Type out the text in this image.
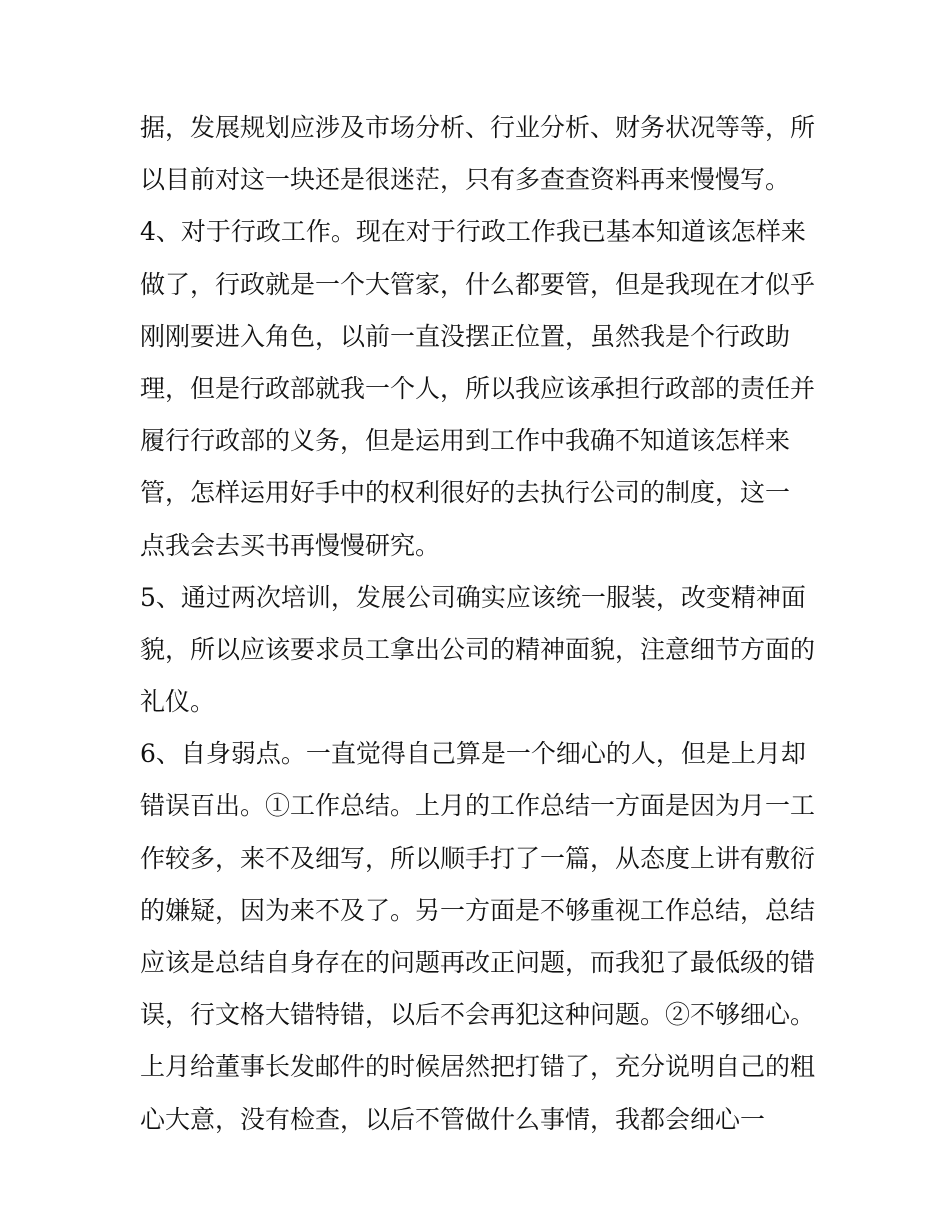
据，发展规划应涉及市场分析、行业分析、财务状况等等，所
以目前对这一块还是很迷茫，只有多查查资料再来慢慢写。
4、对于行政工作。现在对于行政工作我已基本知道该怎样来
做了，行政就是一个大管家，什么都要管，但是我现在才似乎
刚刚要进入角色，以前一直没摆正位置，虽然我是个行政助
理，但是行政部就我一个人，所以我应该承担行政部的责任并
履行行政部的义务，但是运用到工作中我确不知道该怎样来
管，怎样运用好手中的权利很好的去执行公司的制度，这一
点我会去买书再慢慢研究。
5、通过两次培训，发展公司确实应该统一服装，改变精神面
貌，所以应该要求员工拿出公司的精神面貌，注意细节方面的
礼仪。
6、自身弱点。一直觉得自己算是一个细心的人，但是上月却
错误百出。①工作总结。上月的工作总结一方面是因为月一工
作较多，来不及细写，所以顺手打了一篇，从态度上讲有敷衍
的嫌疑，因为来不及了。另一方面是不够重视工作总结，总结
应该是总结自身存在的问题再改正问题，而我犯了最低级的错
误，行文格大错特错，以后不会再犯这种问题。②不够细心。
上月给董事长发邮件的时候居然把打错了，充分说明自己的粗
心大意，没有检查，以后不管做什么事情，我都会细心一
